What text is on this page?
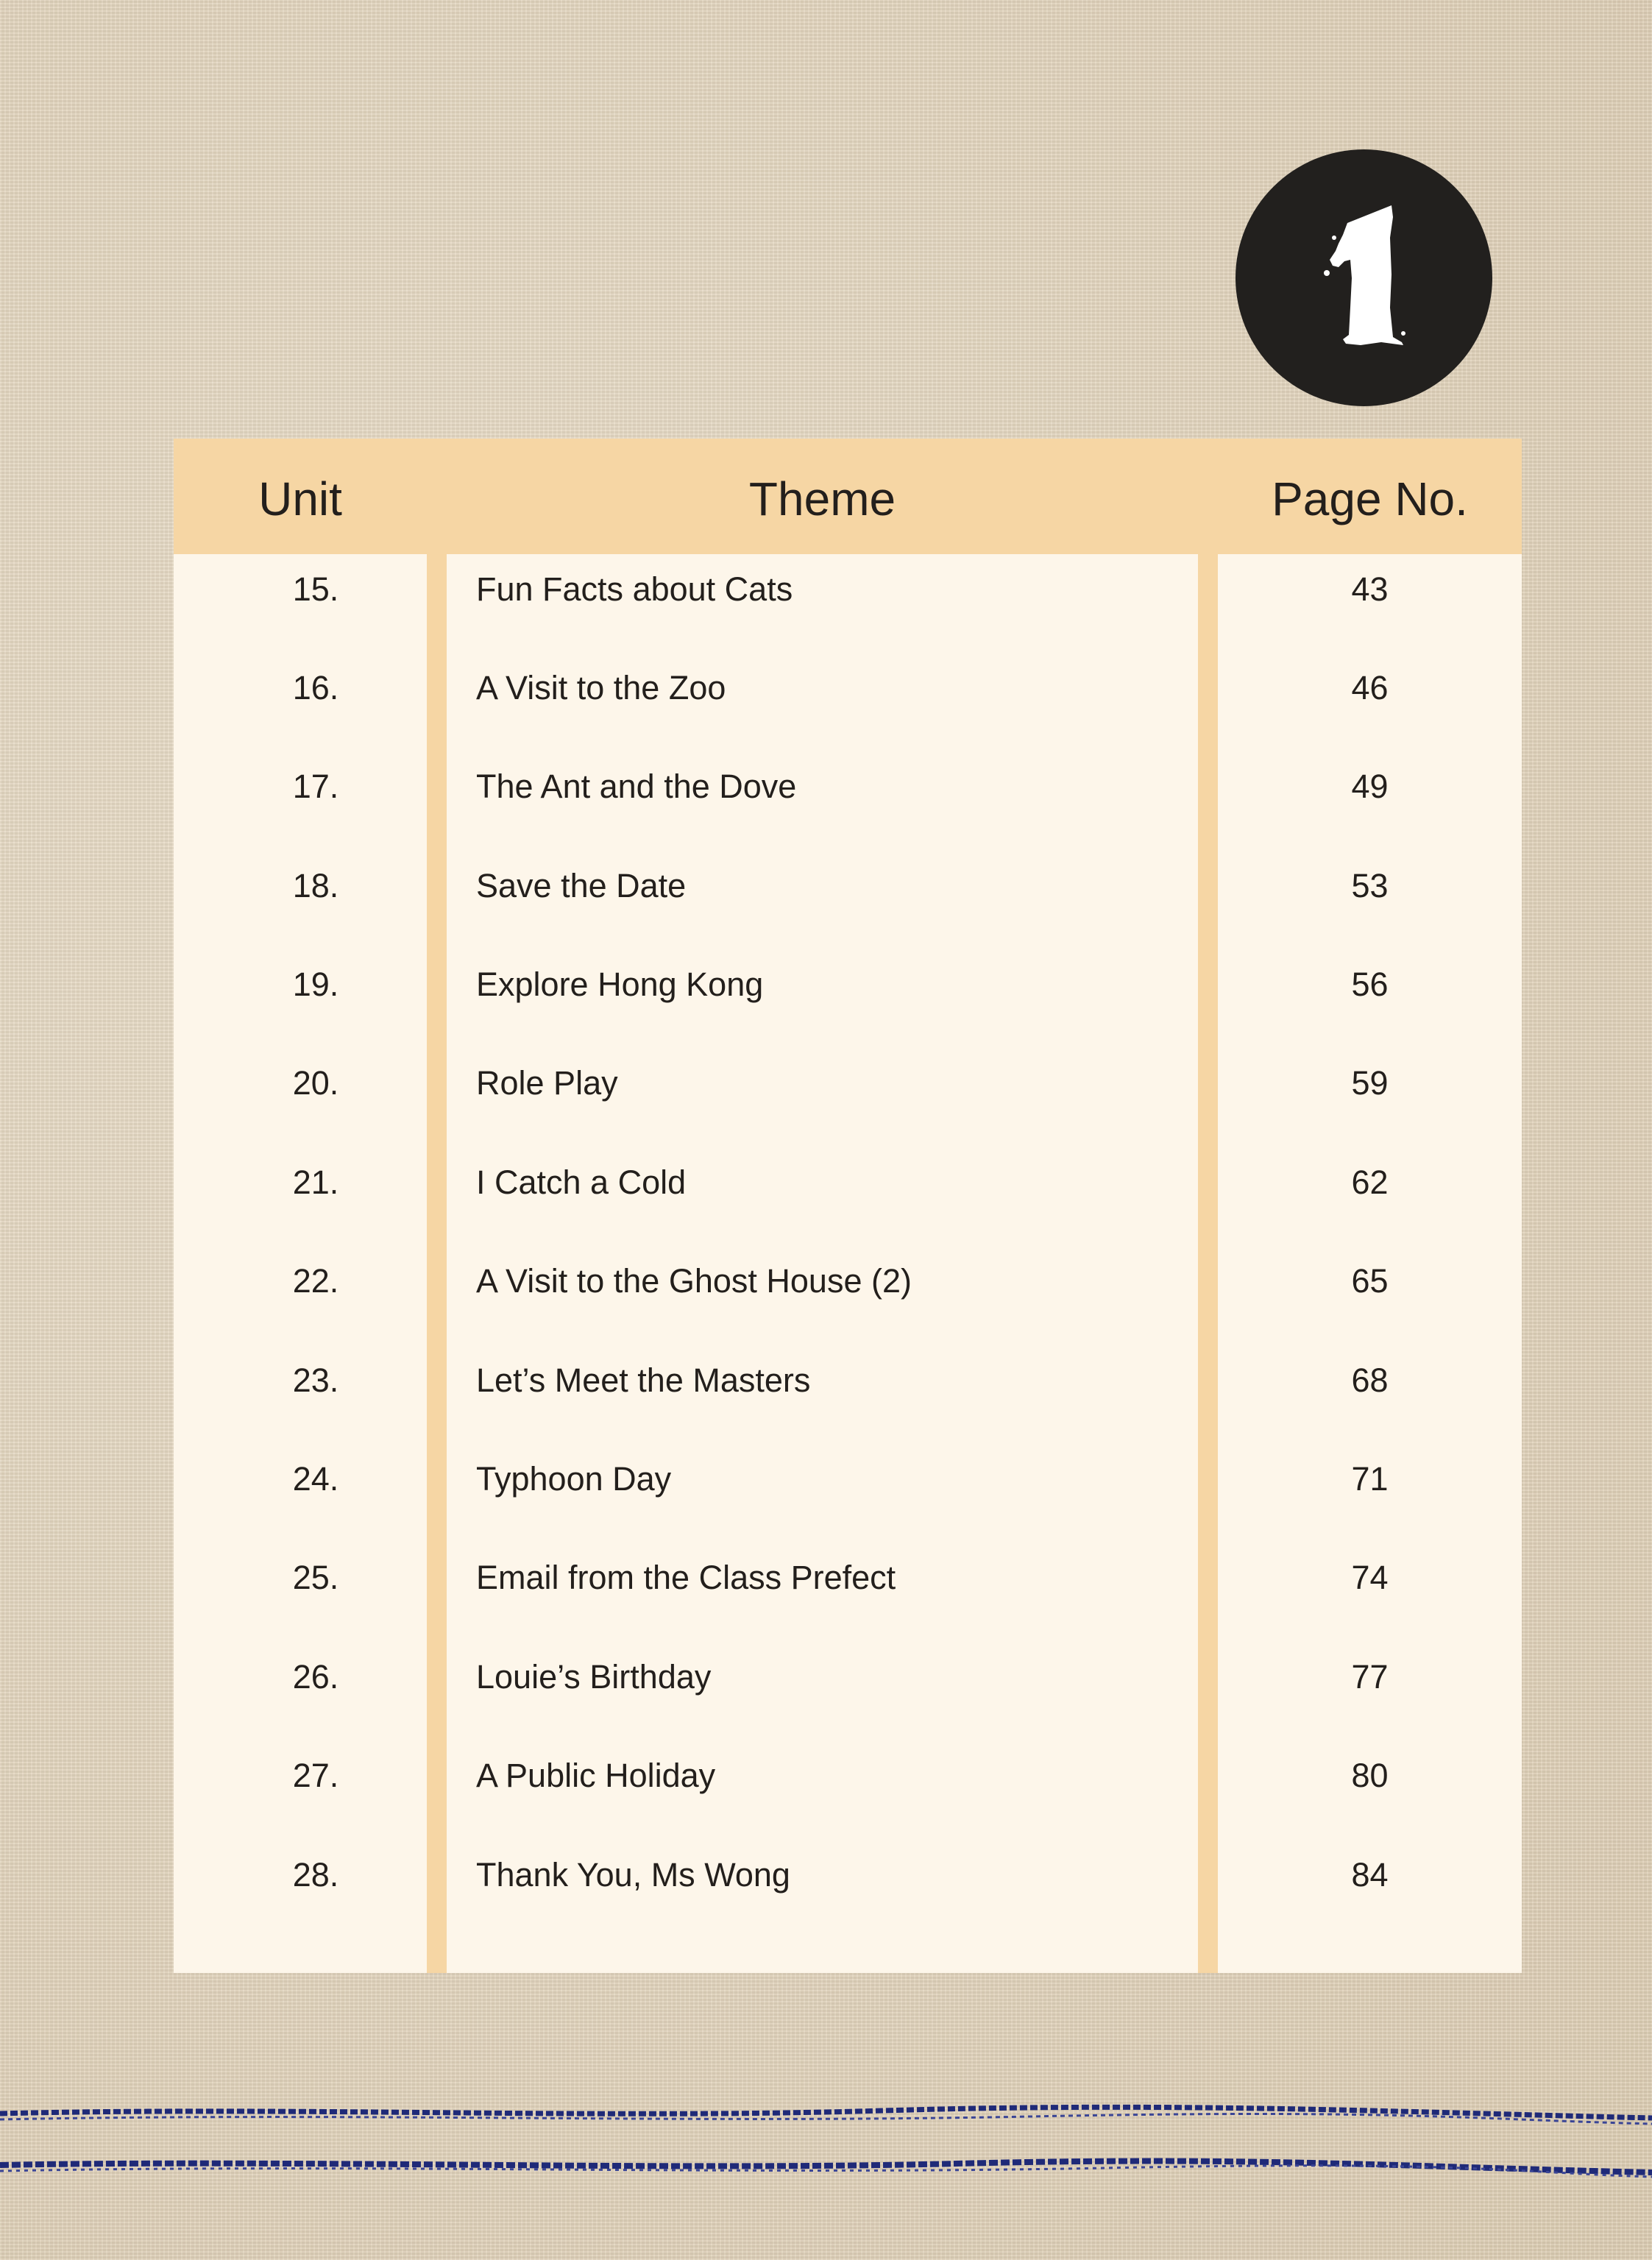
Unit	Theme	Page No.
15.	Fun Facts about Cats	43
16.	A Visit to the Zoo	46
17.	The Ant and the Dove	49
18.	Save the Date	53
19.	Explore Hong Kong	56
20.	Role Play	59
21.	I Catch a Cold	62
22.	A Visit to the Ghost House (2)	65
23.	Let’s Meet the Masters	68
24.	Typhoon Day	71
25.	Email from the Class Prefect	74
26.	Louie’s Birthday	77
27.	A Public Holiday	80
28.	Thank You, Ms Wong	84
